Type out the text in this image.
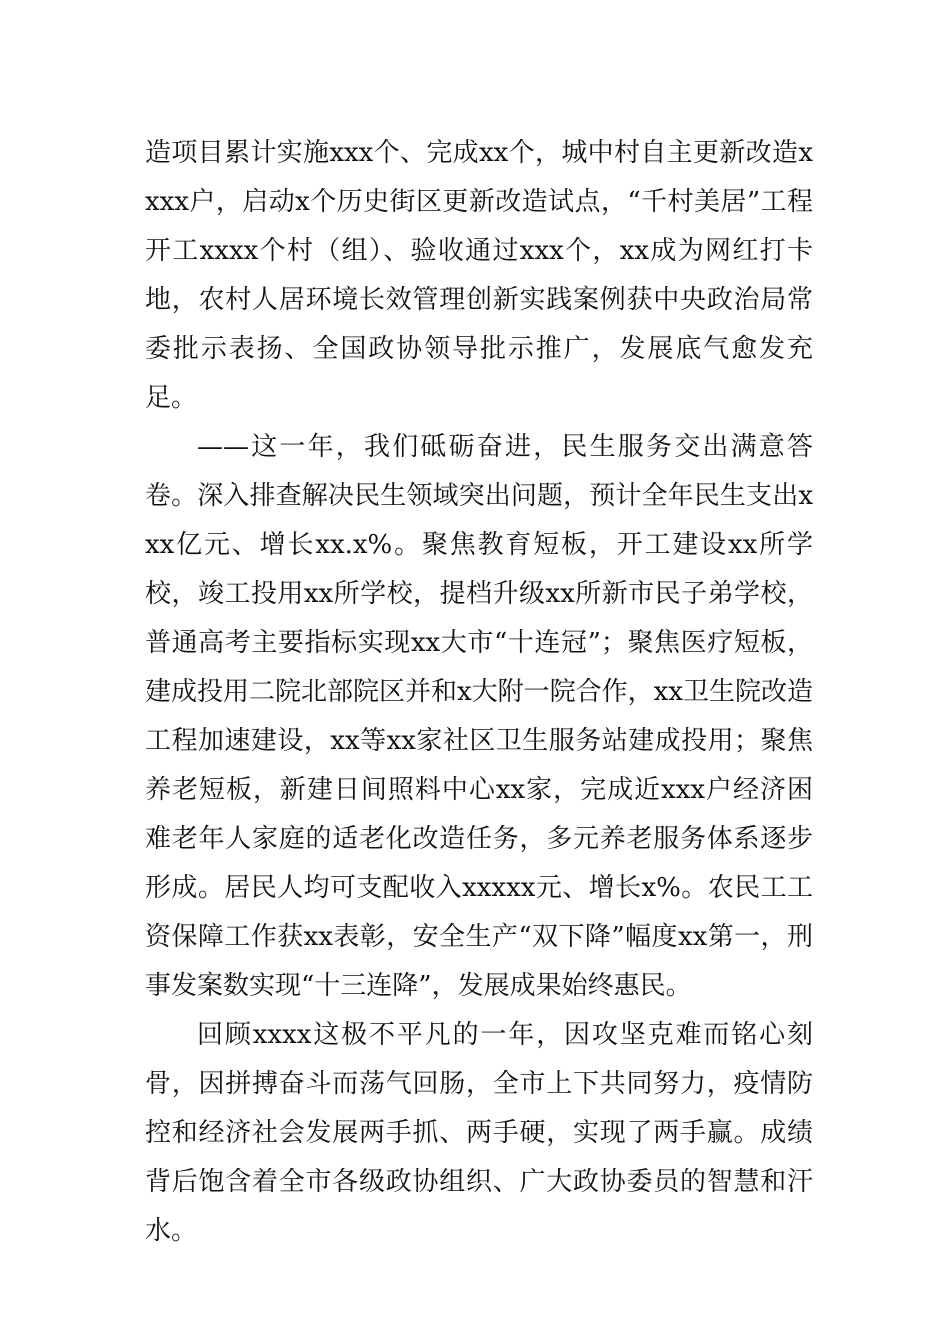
造项目累计实施xxx个、完成xx个，城中村自主更新改造xxxx户，启动x个历史街区更新改造试点，“千村美居”工程开工xxxx个村（组）、验收通过xxx个，xx成为网红打卡地，农村人居环境长效管理创新实践案例获中央政治局常委批示表扬、全国政协领导批示推广，发展底气愈发充足。

——这一年，我们砥砺奋进，民生服务交出满意答卷。深入排查解决民生领域突出问题，预计全年民生支出xxx亿元、增长xx.x%。聚焦教育短板，开工建设xx所学校，竣工投用xx所学校，提档升级xx所新市民子弟学校，普通高考主要指标实现xx大市“十连冠”；聚焦医疗短板，建成投用二院北部院区并和x大附一院合作，xx卫生院改造工程加速建设，xx等xx家社区卫生服务站建成投用；聚焦养老短板，新建日间照料中心xx家，完成近xxx户经济困难老年人家庭的适老化改造任务，多元养老服务体系逐步形成。居民人均可支配收入xxxxx元、增长x%。农民工工资保障工作获xx表彰，安全生产“双下降”幅度xx第一，刑事发案数实现“十三连降”，发展成果始终惠民。

回顾xxxx这极不平凡的一年，因攻坚克难而铭心刻骨，因拼搏奋斗而荡气回肠，全市上下共同努力，疫情防控和经济社会发展两手抓、两手硬，实现了两手赢。成绩背后饱含着全市各级政协组织、广大政协委员的智慧和汗水。
